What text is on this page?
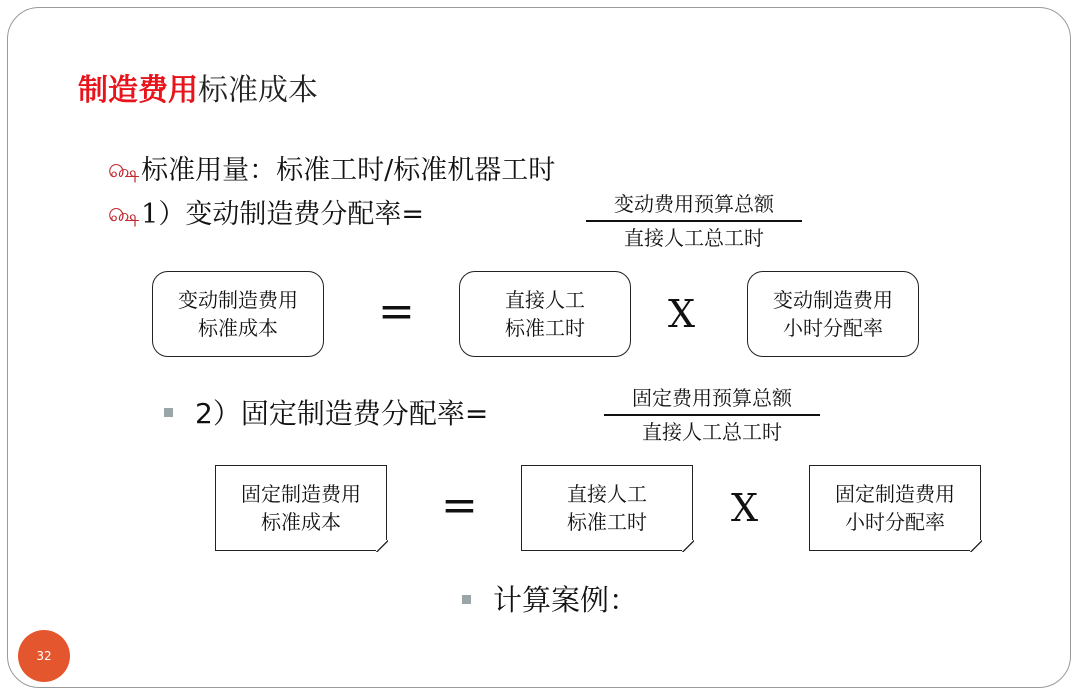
制造费用标准成本
௸标准用量：标准工时/标准机器工时
௸1）变动制造费分配率=	变动费用预算总额
直接人工总工时
变动制造费用
标准成本 =	直接人工
标准工时 X	变动制造费用
小时分配率
2）固定制造费分配率=	固定费用预算总额
直接人工总工时
固定制造费用
标准成本 =	直接人工
标准工时 X	固定制造费用
小时分配率
计算案例：
32
